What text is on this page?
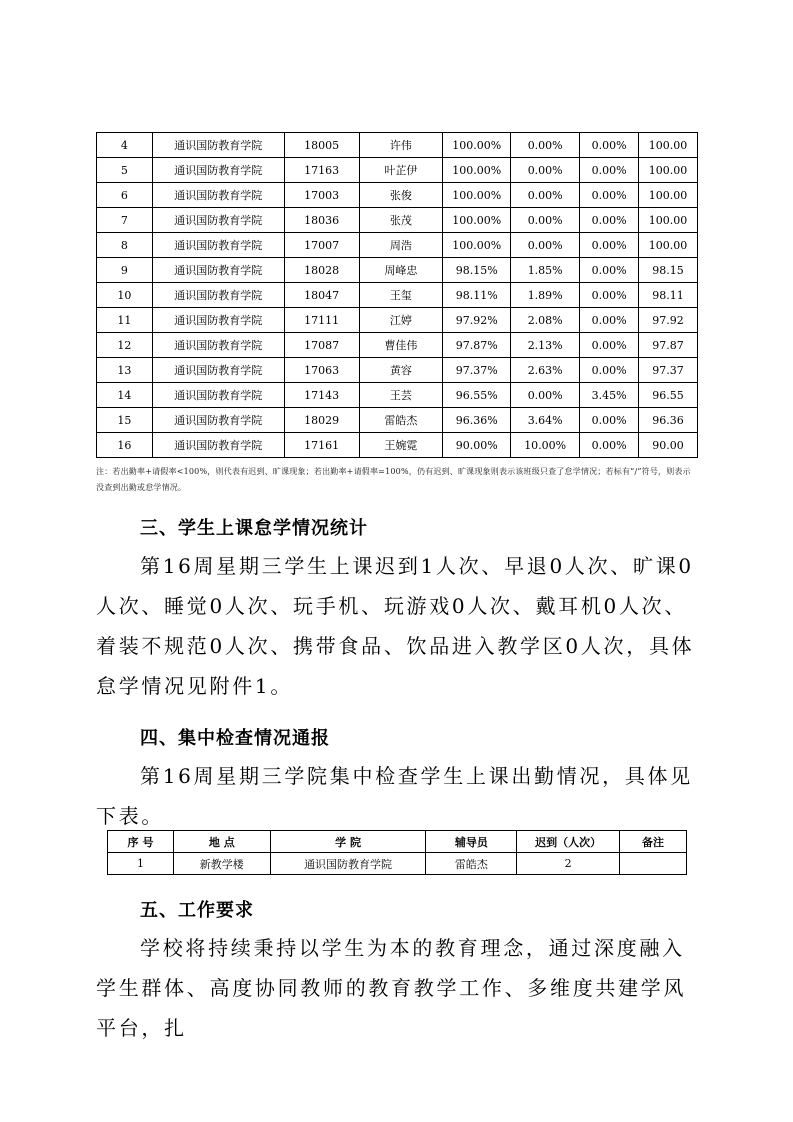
4	通识国防教育学院	18005	许伟	100.00%	0.00%	0.00%	100.00
5	通识国防教育学院	17163	叶芷伊	100.00%	0.00%	0.00%	100.00
6	通识国防教育学院	17003	张俊	100.00%	0.00%	0.00%	100.00
7	通识国防教育学院	18036	张茂	100.00%	0.00%	0.00%	100.00
8	通识国防教育学院	17007	周浩	100.00%	0.00%	0.00%	100.00
9	通识国防教育学院	18028	周峰忠	98.15%	1.85%	0.00%	98.15
10	通识国防教育学院	18047	王玺	98.11%	1.89%	0.00%	98.11
11	通识国防教育学院	17111	江婷	97.92%	2.08%	0.00%	97.92
12	通识国防教育学院	17087	曹佳伟	97.87%	2.13%	0.00%	97.87
13	通识国防教育学院	17063	黄容	97.37%	2.63%	0.00%	97.37
14	通识国防教育学院	17143	王芸	96.55%	0.00%	3.45%	96.55
15	通识国防教育学院	18029	雷皓杰	96.36%	3.64%	0.00%	96.36
16	通识国防教育学院	17161	王婉霓	90.00%	10.00%	0.00%	90.00
注：若出勤率+请假率<100%，则代表有迟到、旷课现象；若出勤率+请假率=100%，仍有迟到、旷课现象则表示该班级只查了怠学情况；若标有“/”符号，则表示没查到出勤或怠学情况。
三、学生上课怠学情况统计
第16周星期三学生上课迟到1人次、早退0人次、旷课0人次、睡觉0人次、玩手机、玩游戏0人次、戴耳机0人次、着装不规范0人次、携带食品、饮品进入教学区0人次，具体怠学情况见附件1。
四、集中检查情况通报
第16周星期三学院集中检查学生上课出勤情况，具体见下表。
序 号	地 点	学 院	辅导员	迟到（人次）	备注
1	新教学楼	通识国防教育学院	雷皓杰	2	
五、工作要求
学校将持续秉持以学生为本的教育理念，通过深度融入学生群体、高度协同教师的教育教学工作、多维度共建学风平台，扎
